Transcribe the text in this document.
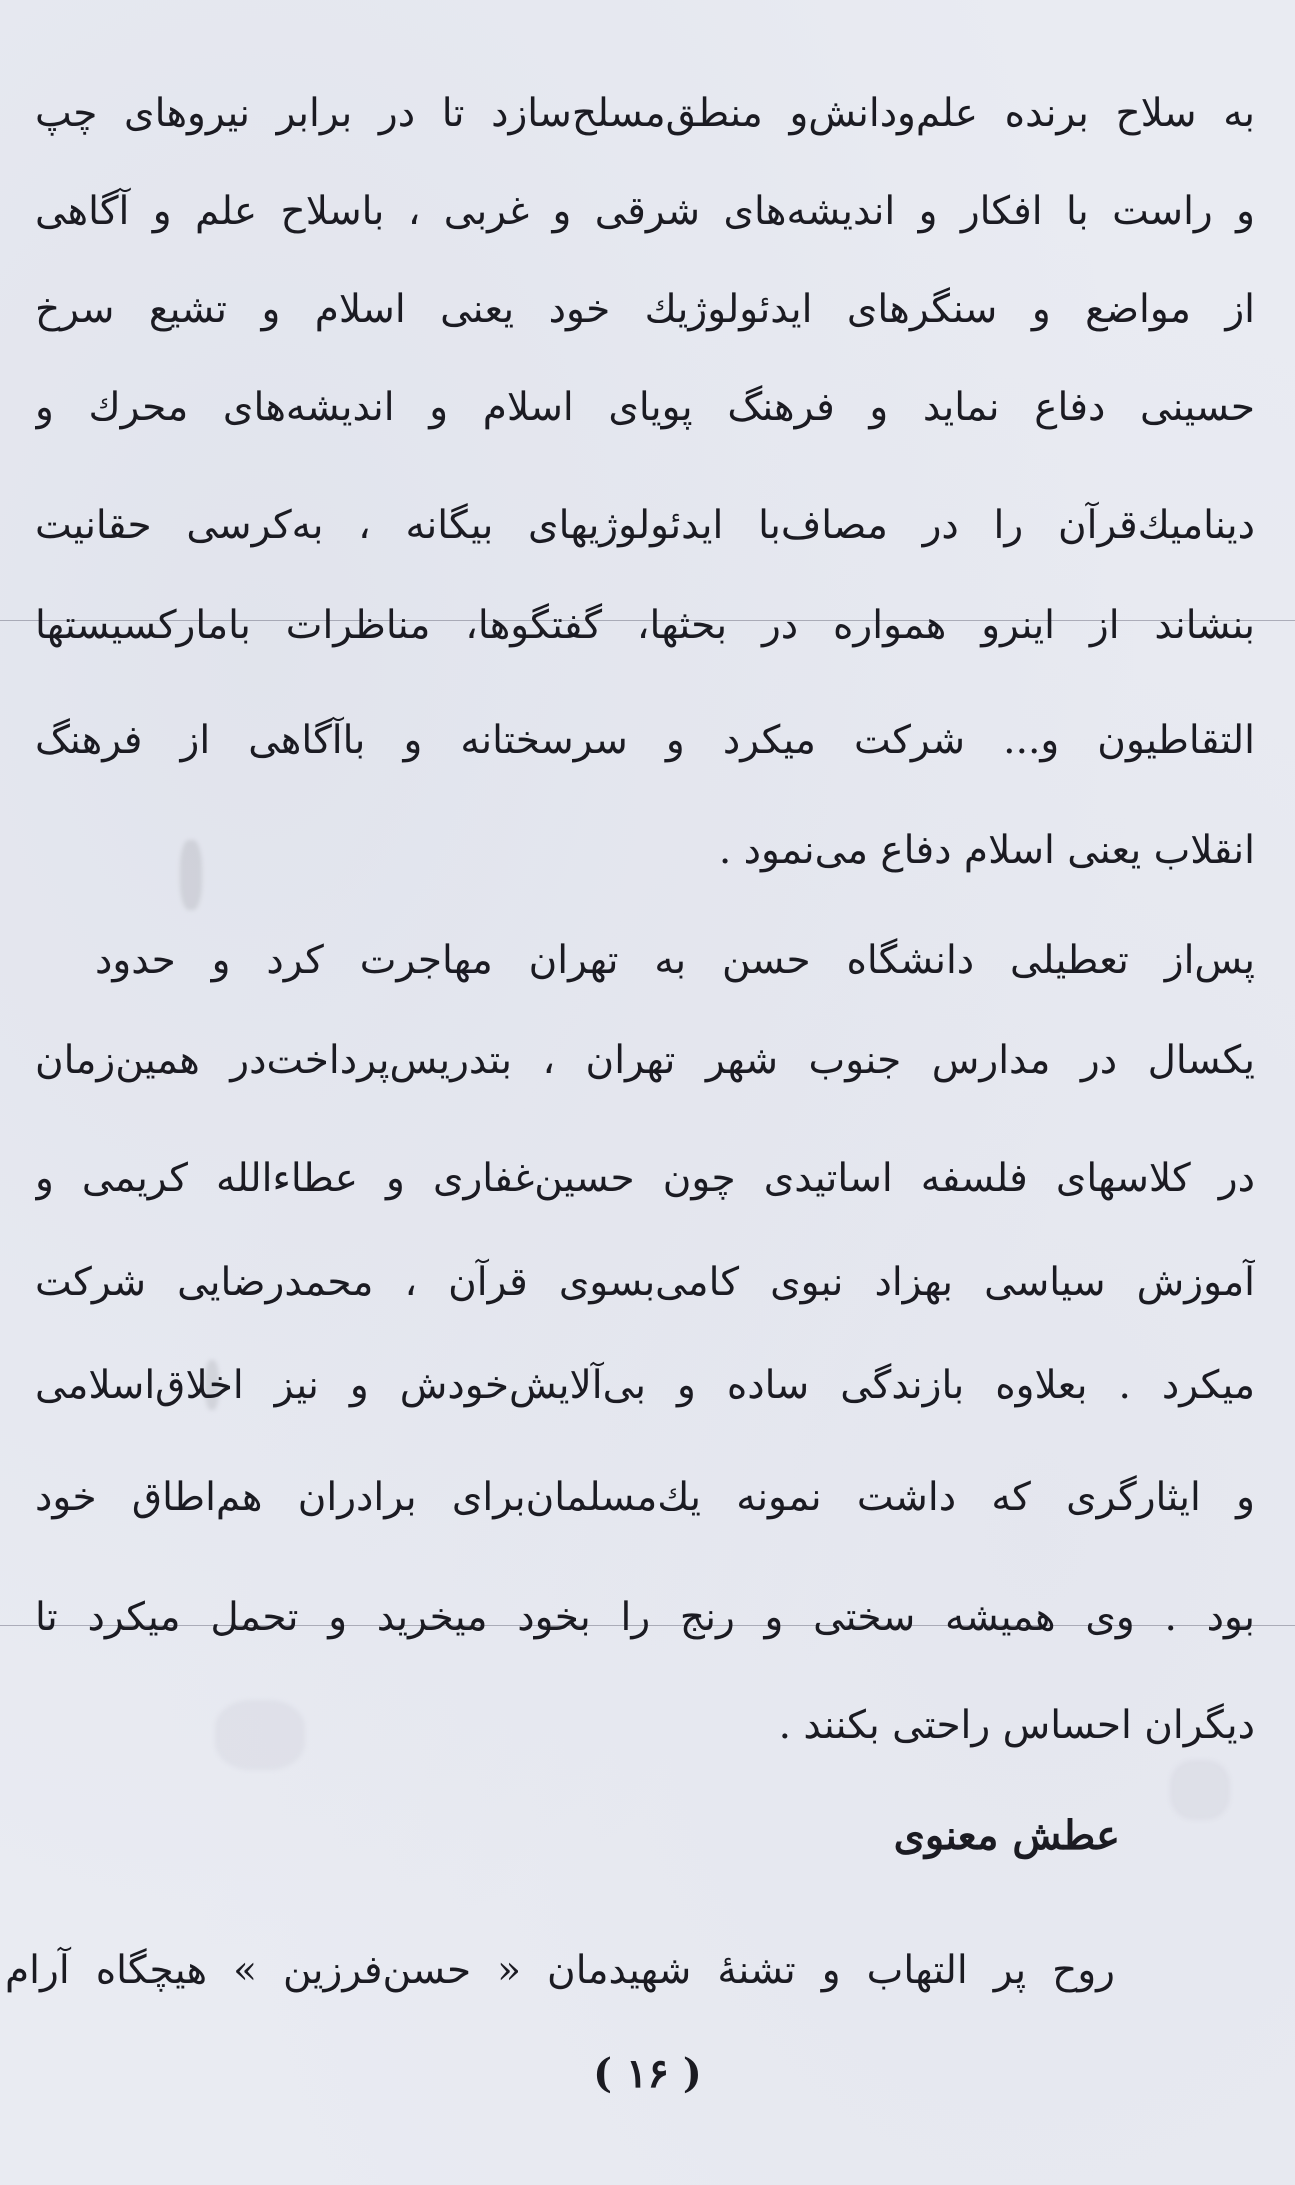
به سلاح برنده علم‌ودانش‌و منطق‌مسلح‌سازد تا در برابر نیروهای چپ
و راست با افکار و اندیشه‌های شرقی و غربی ، باسلاح علم و آگاهی
از مواضع و سنگرهای ایدئولوژیك خود یعنی اسلام و تشیع سرخ
حسینی دفاع نماید و فرهنگ پویای اسلام و اندیشه‌های محرك و
دینامیك‌قرآن را در مصاف‌با ایدئولوژیهای بیگانه ، به‌کرسی حقانیت
بنشاند از اینرو همواره در بحثها، گفتگوها، مناظرات بامارکسیستها
التقاطیون و... شرکت میکرد و سرسختانه و باآگاهی از فرهنگ
انقلاب یعنی اسلام دفاع می‌نمود .
پس‌از تعطیلی دانشگاه حسن به تهران مهاجرت کرد و حدود
یکسال در مدارس جنوب شهر تهران ، بتدریس‌پرداخت‌در همین‌زمان
در کلاسهای فلسفه اساتیدی چون حسین‌غفاری و عطاءالله کریمی و
آموزش سیاسی بهزاد نبوی کامی‌بسوی قرآن ، محمدرضایی شرکت
میکرد . بعلاوه بازندگی ساده و بی‌آلایش‌خودش و نیز اخلاق‌اسلامی
و ایثارگری که داشت نمونه یك‌مسلمان‌برای برادران هم‌اطاق خود
بود . وی همیشه سختی و رنج را بخود میخرید و تحمل میکرد تا
دیگران احساس راحتی بکنند .
عطش معنوی
روح پر التهاب و تشنهٔ شهیدمان « حسن‌فرزین » هیچگاه آرام
( ۱۶ )
